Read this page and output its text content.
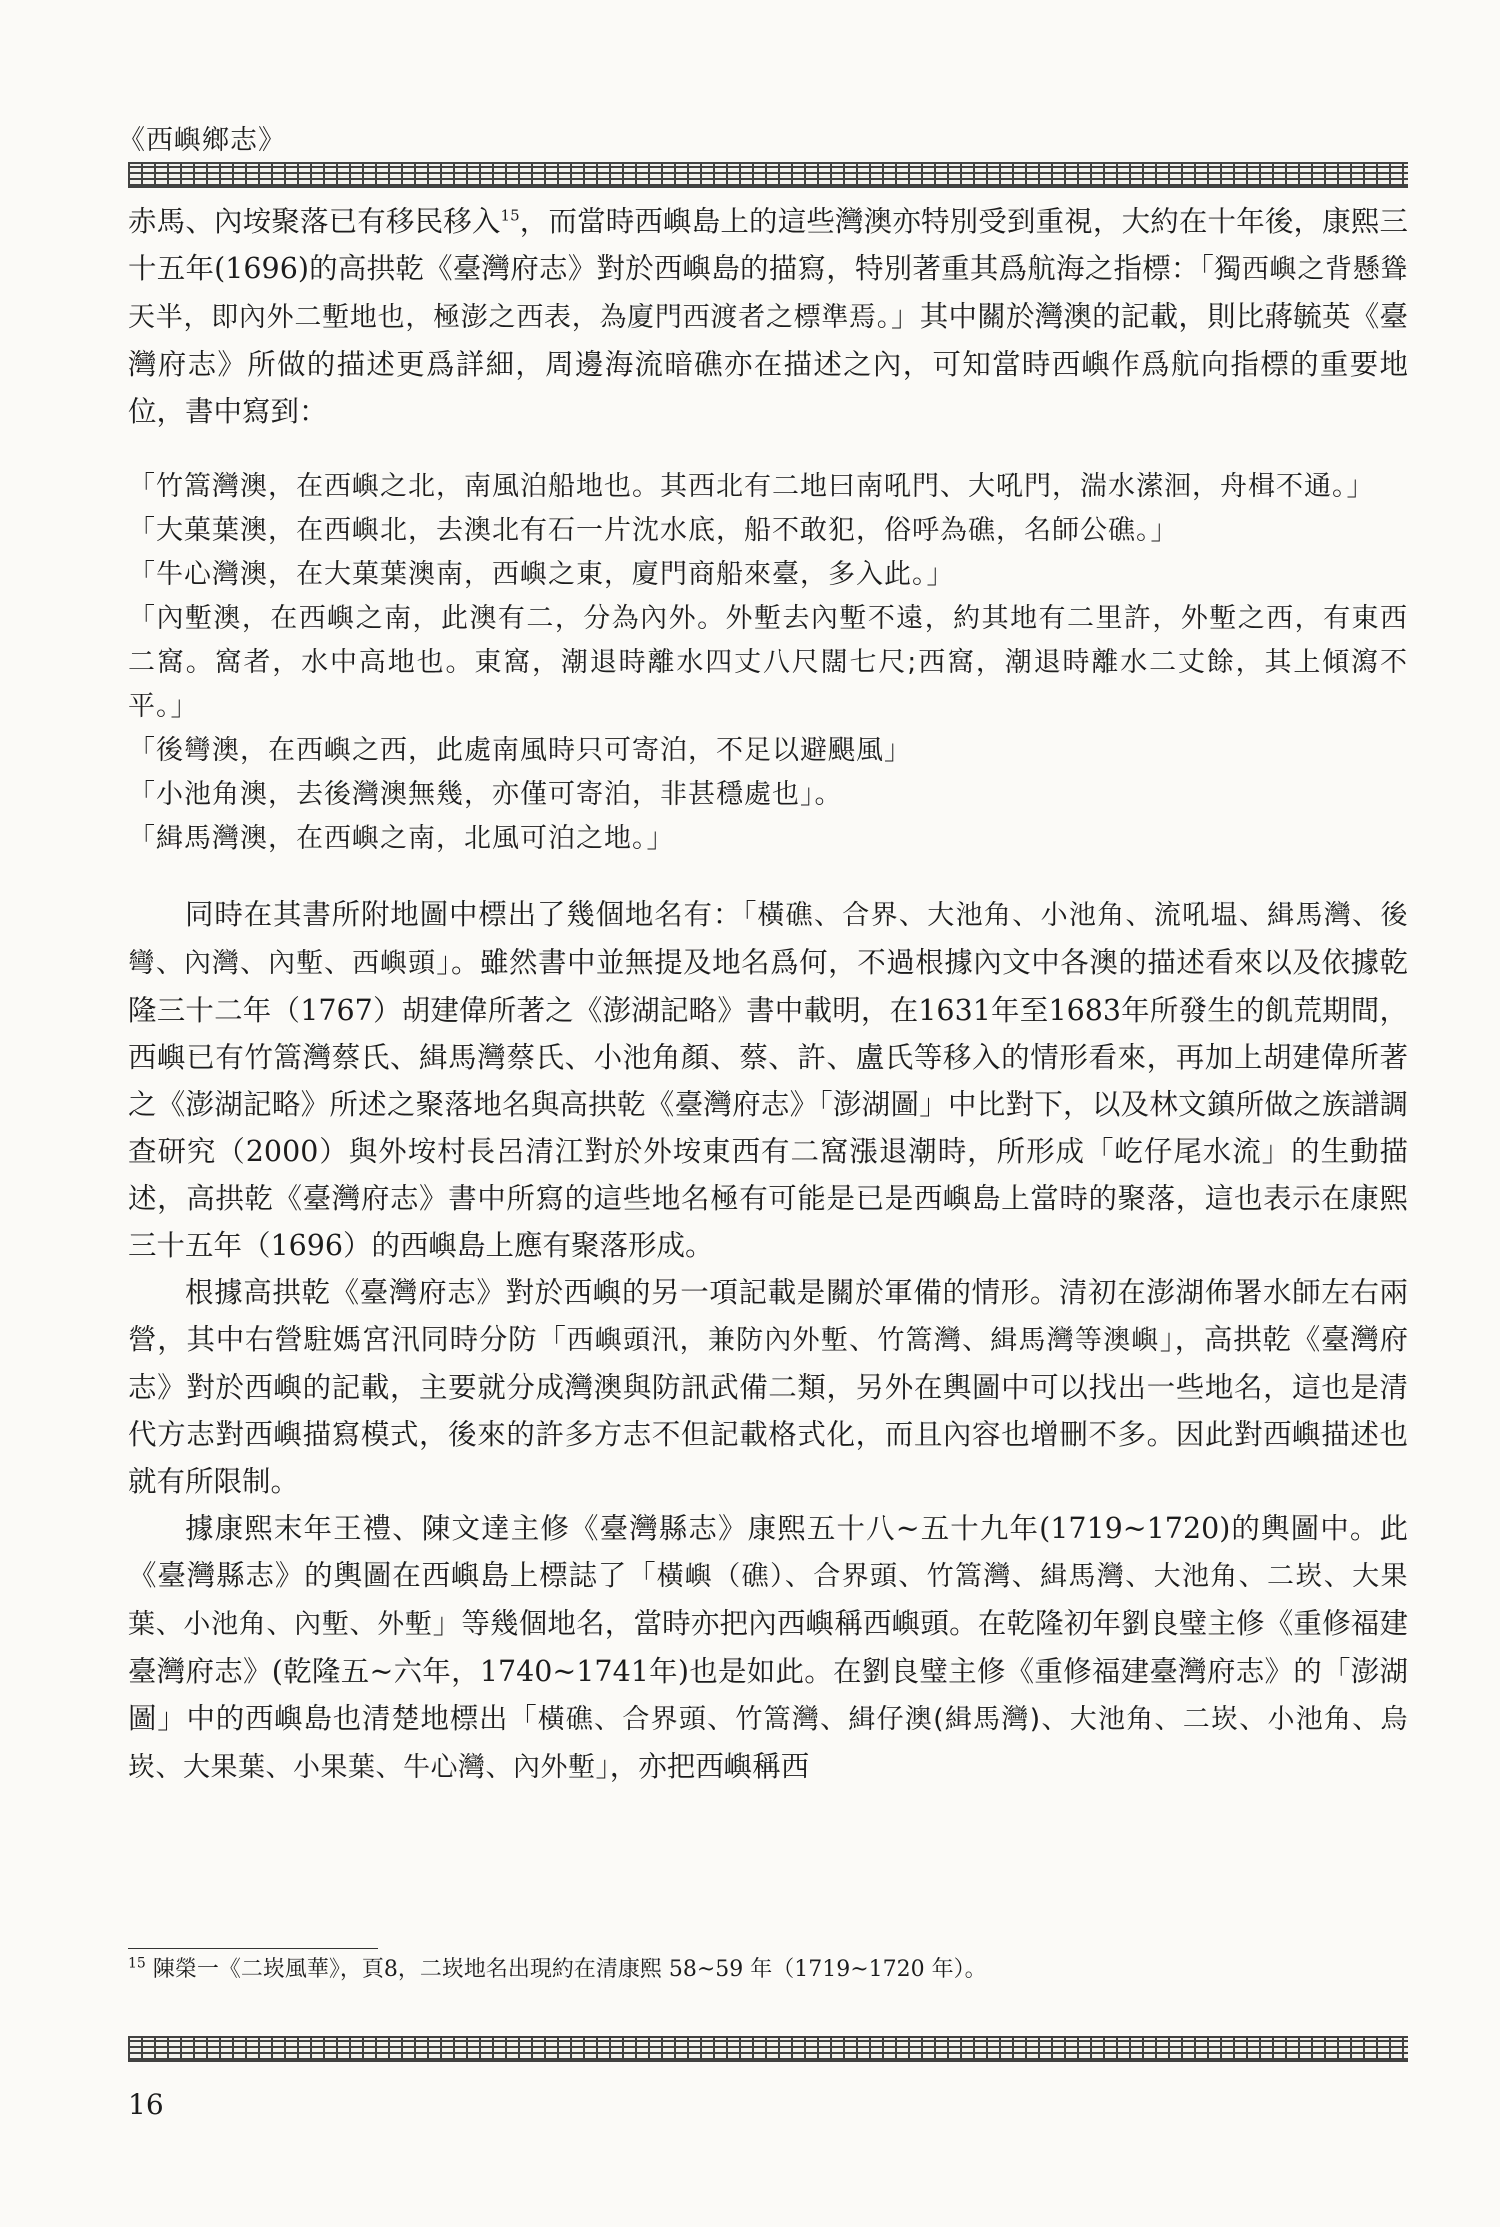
《西嶼鄉志》

赤馬、內垵聚落已有移民移入$^{15}$，而當時西嶼島上的這些灣澳亦特別受到重視，大約在十年後，康熙三十五年(1696)的高拱乾《臺灣府志》對於西嶼島的描寫，特別著重其爲航海之指標：「獨西嶼之背懸聳天半，即內外二塹地也，極澎之西表，為廈門西渡者之標準焉。」其中關於灣澳的記載，則比蔣毓英《臺灣府志》所做的描述更爲詳細，周邊海流暗礁亦在描述之內，可知當時西嶼作爲航向指標的重要地位，書中寫到：

「竹篙灣澳，在西嶼之北，南風泊船地也。其西北有二地曰南吼門、大吼門，湍水潆洄，舟楫不通。」

「大菓葉澳，在西嶼北，去澳北有石一片沈水底，船不敢犯，俗呼為礁，名師公礁。」

「牛心灣澳，在大菓葉澳南，西嶼之東，廈門商船來臺，多入此。」

「內塹澳，在西嶼之南，此澳有二，分為內外。外塹去內塹不遠，約其地有二里許，外塹之西，有東西二窩。窩者，水中高地也。東窩，潮退時離水四丈八尺闊七尺;西窩，潮退時離水二丈餘，其上傾瀉不平。」

「後彎澳，在西嶼之西，此處南風時只可寄泊，不足以避颶風」

「小池角澳，去後灣澳無幾，亦僅可寄泊，非甚穩處也」。

「緝馬灣澳，在西嶼之南，北風可泊之地。」

同時在其書所附地圖中標出了幾個地名有：「橫礁、合界、大池角、小池角、流吼塭、緝馬灣、後彎、內灣、內塹、西嶼頭」。雖然書中並無提及地名爲何，不過根據內文中各澳的描述看來以及依據乾隆三十二年（1767）胡建偉所著之《澎湖記略》書中載明，在1631年至1683年所發生的飢荒期間，西嶼已有竹篙灣蔡氏、緝馬灣蔡氏、小池角顏、蔡、許、盧氏等移入的情形看來，再加上胡建偉所著之《澎湖記略》所述之聚落地名與高拱乾《臺灣府志》「澎湖圖」中比對下，以及林文鎮所做之族譜調查研究（2000）與外垵村長呂清江對於外垵東西有二窩漲退潮時，所形成「屹仔尾水流」的生動描述，高拱乾《臺灣府志》書中所寫的這些地名極有可能是已是西嶼島上當時的聚落，這也表示在康熙三十五年（1696）的西嶼島上應有聚落形成。

根據高拱乾《臺灣府志》對於西嶼的另一項記載是關於軍備的情形。清初在澎湖佈署水師左右兩營，其中右營駐媽宮汛同時分防「西嶼頭汛，兼防內外塹、竹篙灣、緝馬灣等澳嶼」，高拱乾《臺灣府志》對於西嶼的記載，主要就分成灣澳與防訊武備二類，另外在輿圖中可以找出一些地名，這也是清代方志對西嶼描寫模式，後來的許多方志不但記載格式化，而且內容也增刪不多。因此對西嶼描述也就有所限制。

據康熙末年王禮、陳文達主修《臺灣縣志》康熙五十八~五十九年(1719~1720)的輿圖中。此 《臺灣縣志》的輿圖在西嶼島上標誌了「橫嶼（礁）、合界頭、竹篙灣、緝馬灣、大池角、二崁、大果葉、小池角、內塹、外塹」等幾個地名，當時亦把內西嶼稱西嶼頭。在乾隆初年劉良璧主修《重修福建臺灣府志》(乾隆五~六年，1740~1741年)也是如此。在劉良璧主修《重修福建臺灣府志》的「澎湖圖」中的西嶼島也清楚地標出「橫礁、合界頭、竹篙灣、緝仔澳(緝馬灣)、大池角、二崁、小池角、烏崁、大果葉、小果葉、牛心灣、內外塹」，亦把西嶼稱西

$^{15}$ 陳榮一《二崁風華》，頁8，二崁地名出現約在清康熙 58~59 年（1719~1720 年）。
16
